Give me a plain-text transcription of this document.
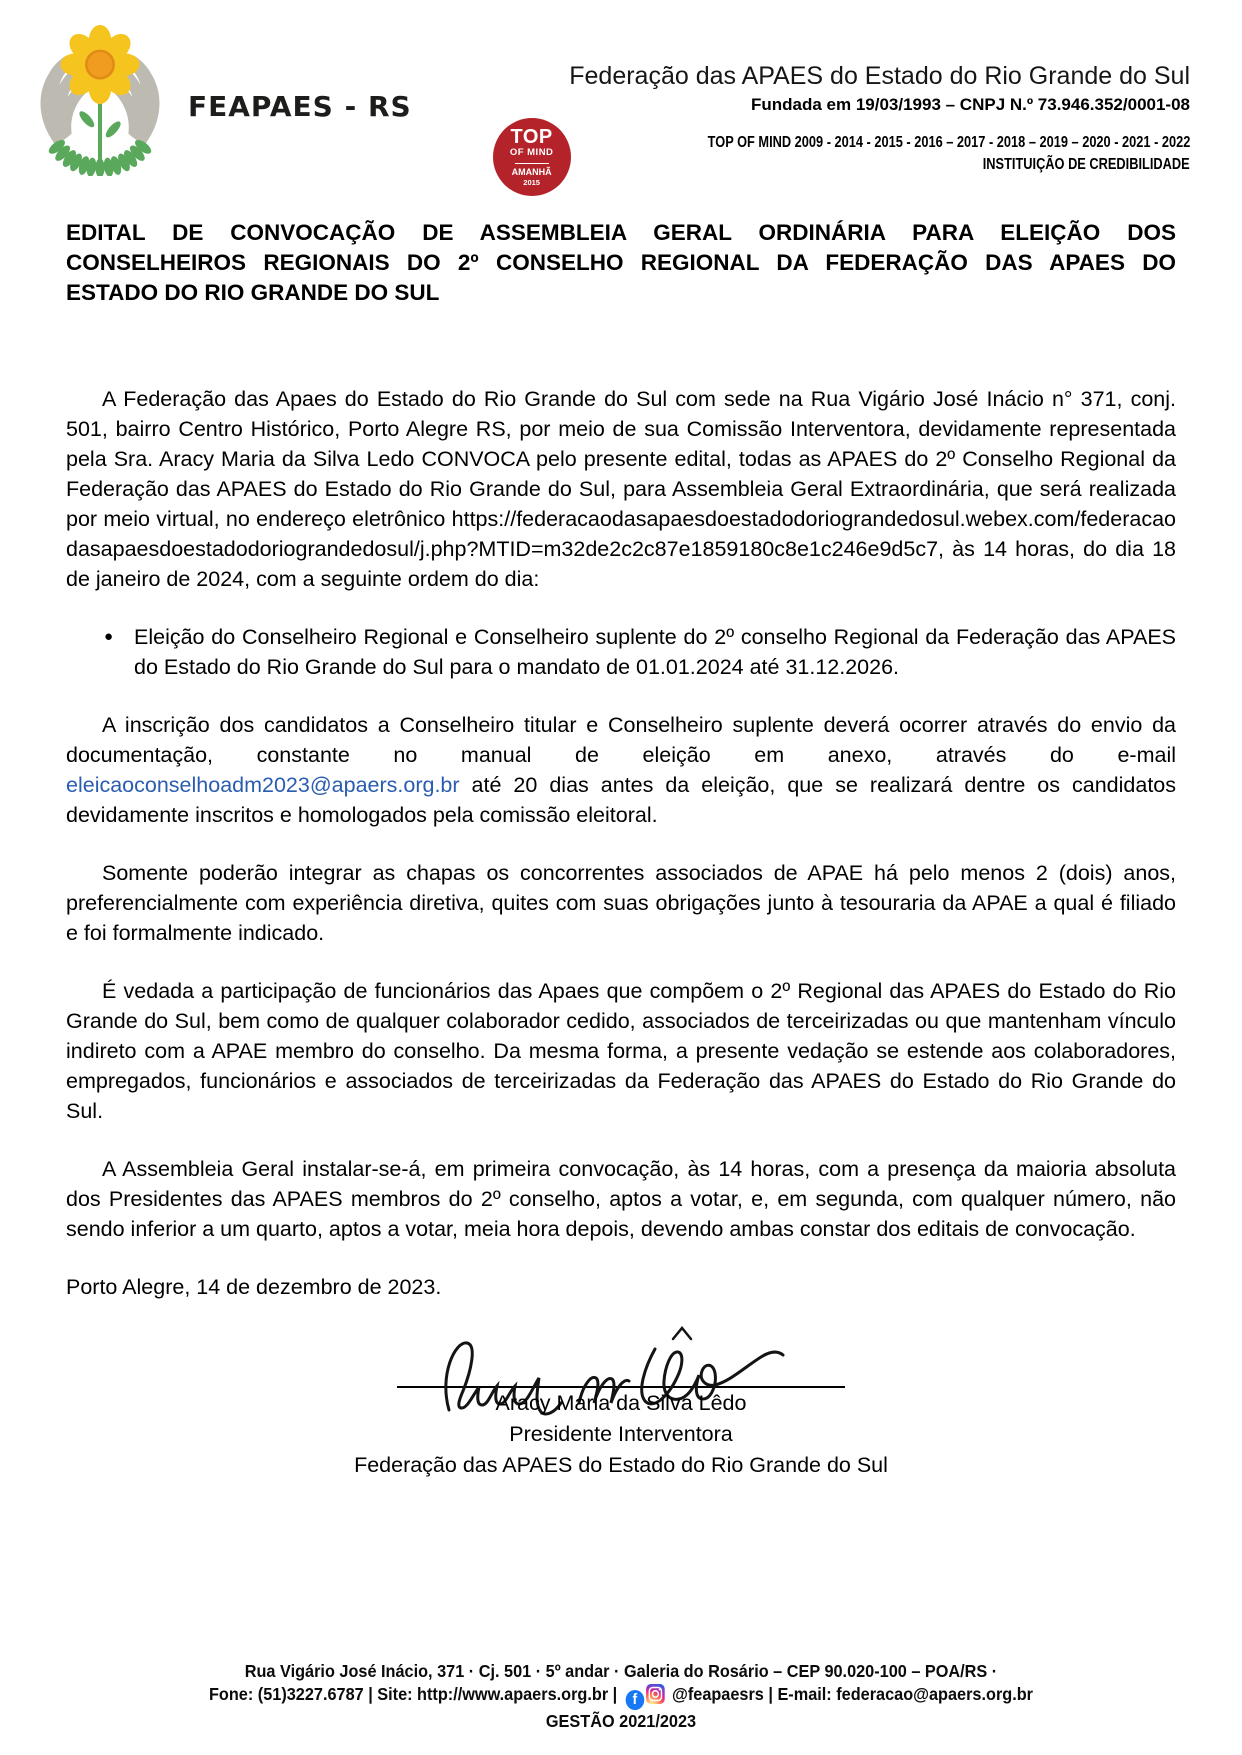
FEAPAES - RS
Federação das APAES do Estado do Rio Grande do Sul
Fundada em 19/03/1993 – CNPJ N.º 73.946.352/0001-08
TOP
OF MIND
AMANHÃ
2015
TOP OF MIND 2009 - 2014 - 2015 - 2016 – 2017 - 2018 – 2019 – 2020 - 2021 - 2022
INSTITUIÇÃO DE CREDIBILIDADE
EDITAL DE CONVOCAÇÃO DE ASSEMBLEIA GERAL ORDINÁRIA PARA ELEIÇÃO DOS
CONSELHEIROS REGIONAIS DO 2º CONSELHO REGIONAL DA FEDERAÇÃO DAS APAES DO
ESTADO DO RIO GRANDE DO SUL

A Federação das Apaes do Estado do Rio Grande do Sul com sede na Rua Vigário José Inácio n° 371, conj. 501, bairro Centro Histórico, Porto Alegre RS, por meio de sua Comissão Interventora, devidamente representada pela Sra. Aracy Maria da Silva Ledo CONVOCA pelo presente edital, todas as APAES do 2º Conselho Regional da Federação das APAES do Estado do Rio Grande do Sul, para Assembleia Geral Extraordinária, que será realizada por meio virtual, no endereço eletrônico https://federacaodasapaesdoestadodoriograndedosul.webex.com/federacaodasapaesdoestadodoriograndedosul/j.php?MTID=m32de2c2c87e1859180c8e1c246e9d5c7, às 14 horas, do dia 18 de janeiro de 2024, com a seguinte ordem do dia:

● Eleição do Conselheiro Regional e Conselheiro suplente do 2º conselho Regional da Federação das APAES do Estado do Rio Grande do Sul para o mandato de 01.01.2024 até 31.12.2026.

A inscrição dos candidatos a Conselheiro titular e Conselheiro suplente deverá ocorrer através do envio da documentação, constante no manual de eleição em anexo, através do e-mail eleicaoconselhoadm2023@apaers.org.br até 20 dias antes da eleição, que se realizará dentre os candidatos devidamente inscritos e homologados pela comissão eleitoral.

Somente poderão integrar as chapas os concorrentes associados de APAE há pelo menos 2 (dois) anos, preferencialmente com experiência diretiva, quites com suas obrigações junto à tesouraria da APAE a qual é filiado e foi formalmente indicado.

É vedada a participação de funcionários das Apaes que compõem o 2º Regional das APAES do Estado do Rio Grande do Sul, bem como de qualquer colaborador cedido, associados de terceirizadas ou que mantenham vínculo indireto com a APAE membro do conselho. Da mesma forma, a presente vedação se estende aos colaboradores, empregados, funcionários e associados de terceirizadas da Federação das APAES do Estado do Rio Grande do Sul.

A Assembleia Geral instalar-se-á, em primeira convocação, às 14 horas, com a presença da maioria absoluta dos Presidentes das APAES membros do 2º conselho, aptos a votar, e, em segunda, com qualquer número, não sendo inferior a um quarto, aptos a votar, meia hora depois, devendo ambas constar dos editais de convocação.

Porto Alegre, 14 de dezembro de 2023.
Aracy Maria da Silva Lêdo
Presidente Interventora
Federação das APAES do Estado do Rio Grande do Sul
Rua Vigário José Inácio, 371 · Cj. 501 · 5º andar · Galeria do Rosário – CEP 90.020-100 – POA/RS ·
Fone: (51)3227.6787 | Site: http://www.apaers.org.br | f @feapaesrs | E-mail: federacao@apaers.org.br
GESTÃO 2021/2023
